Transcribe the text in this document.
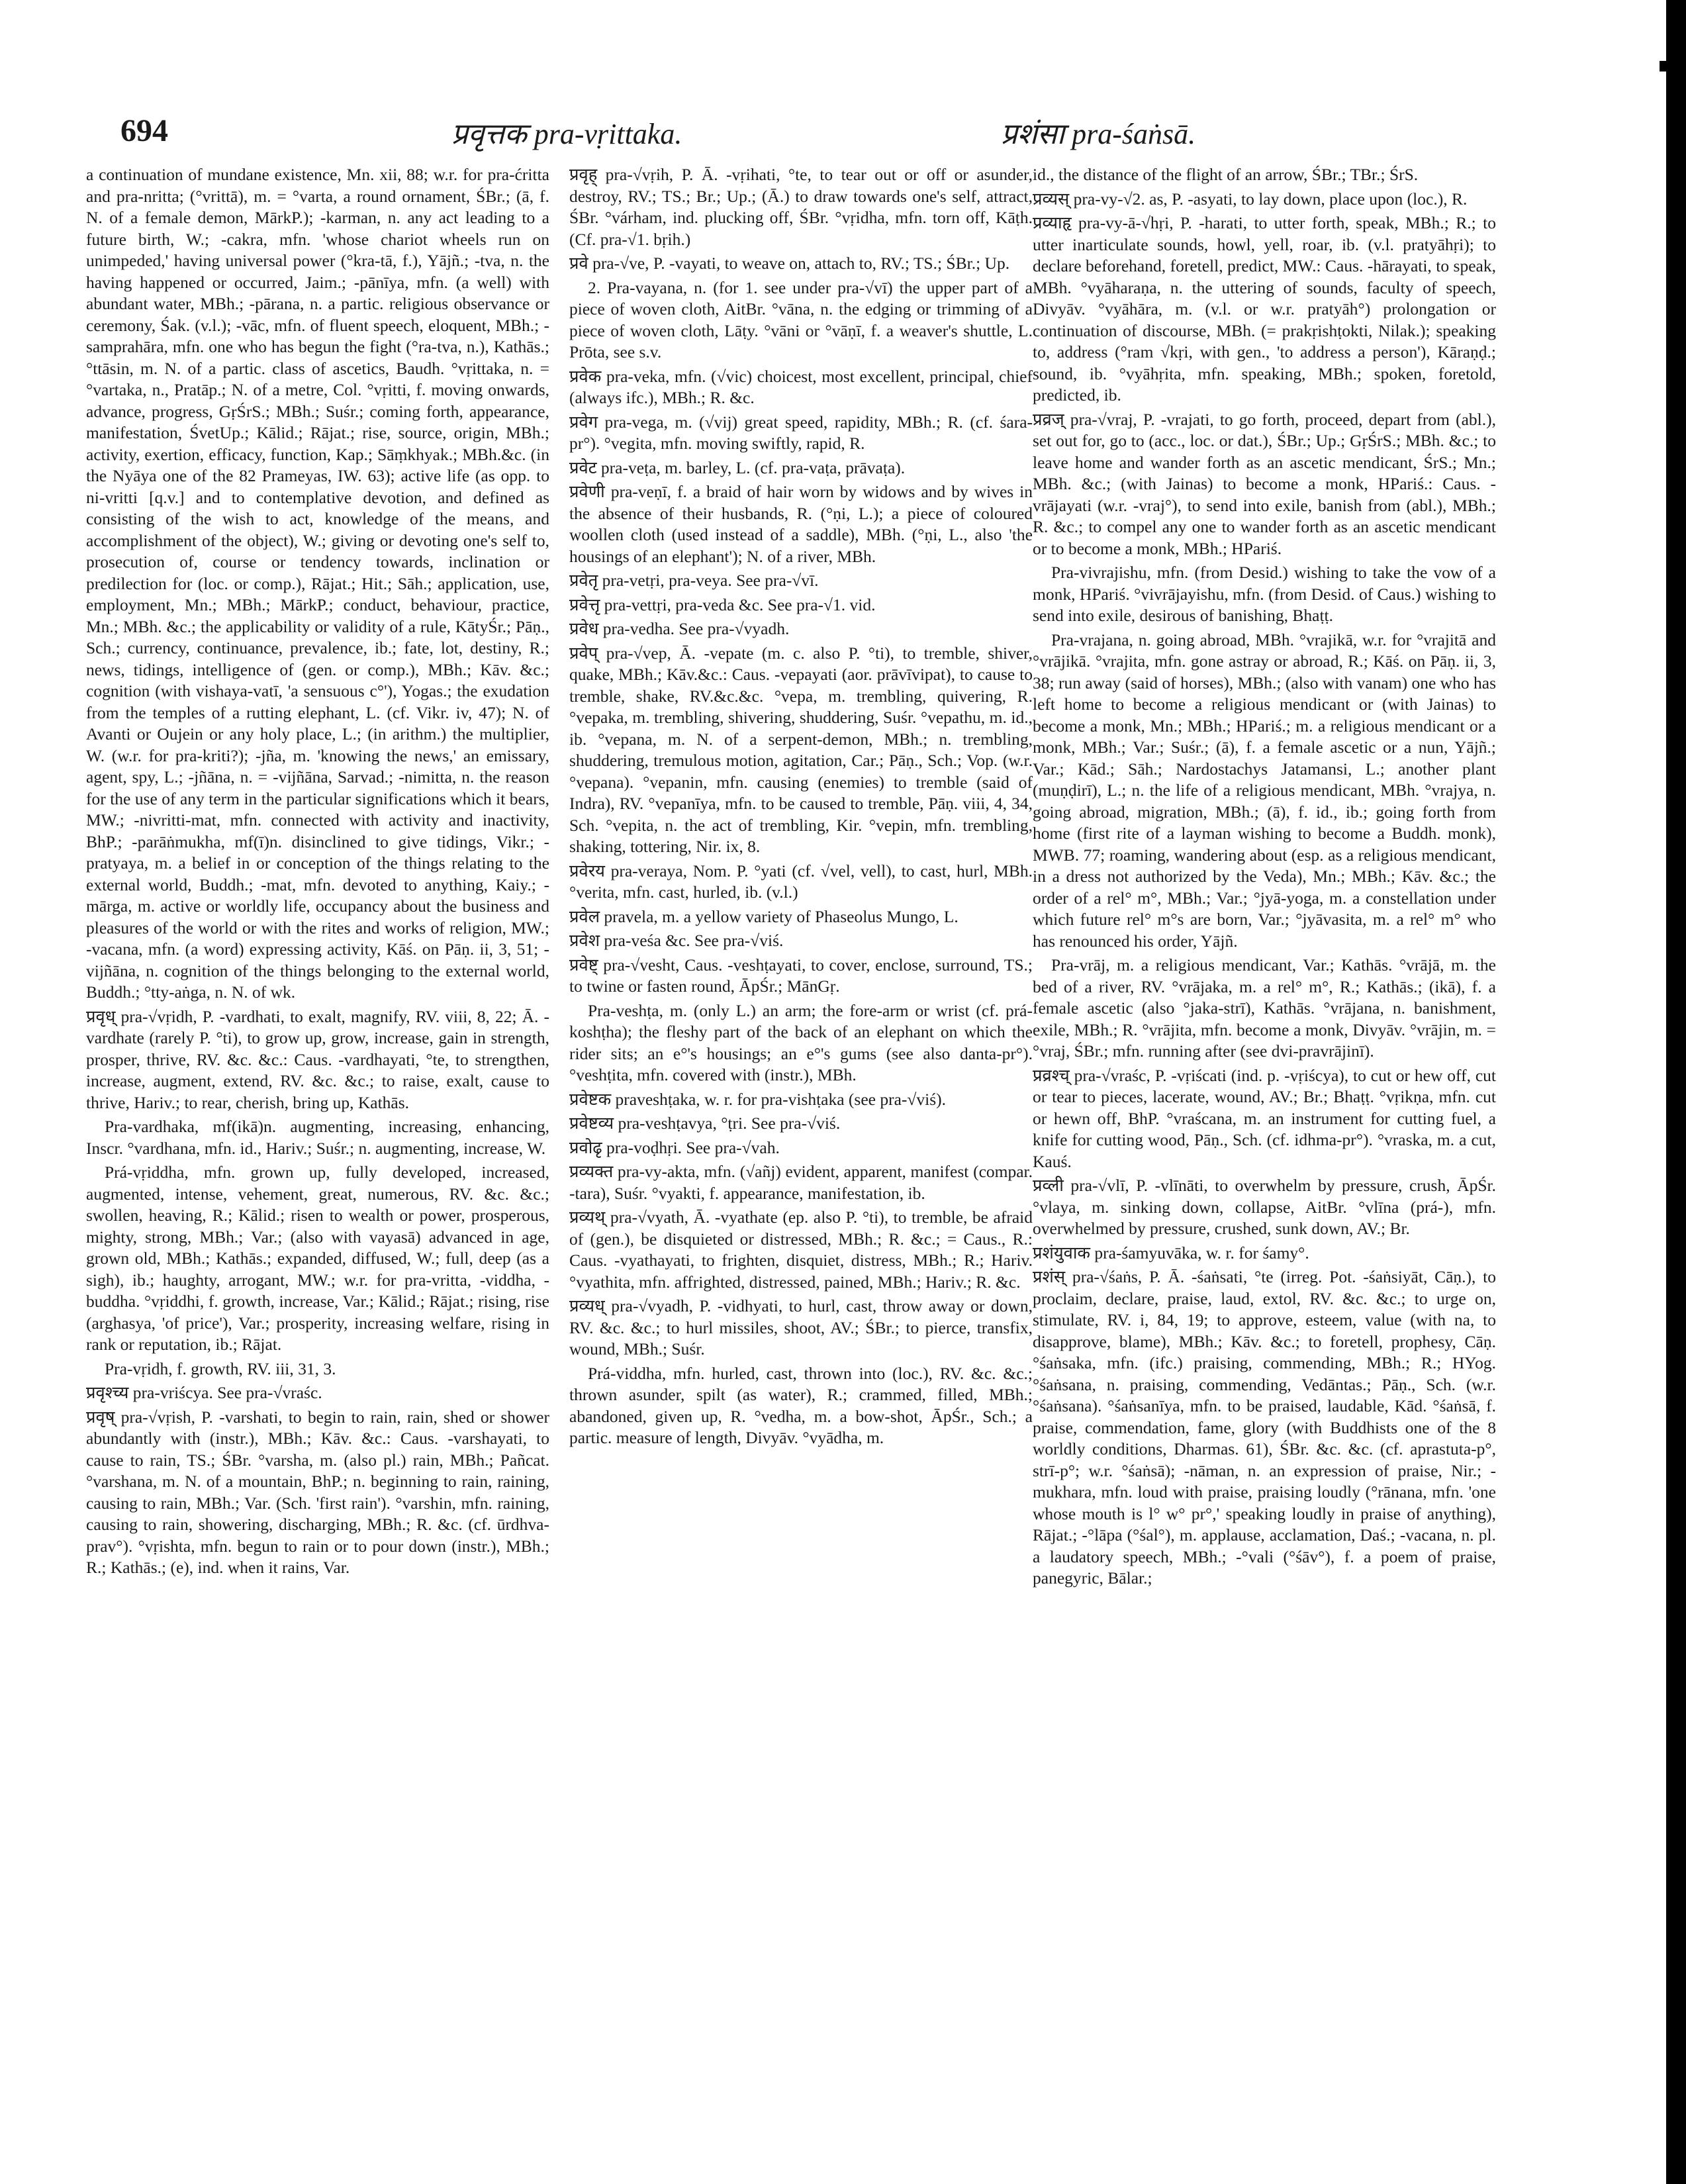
694	प्रवृत्तक pra-vṛittaka.	प्रशंसा pra-śaṅsā.

a continuation of mundane existence, Mn. xii, 88; w.r. for pra-ćritta and pra-nritta; (°vrittā), m. = °varta, a round ornament, ŚBr.; (ā, f. N. of a female demon, MārkP.); -karman, n. any act leading to a future birth, W.; -cakra, mfn. 'whose chariot wheels run on unimpeded,' having universal power (°kra-tā, f.), Yājñ.; -tva, n. the having happened or occurred, Jaim.; -pānīya, mfn. (a well) with abundant water, MBh.; -pārana, n. a partic. religious observance or ceremony, Śak. (v.l.); -vāc, mfn. of fluent speech, eloquent, MBh.; -samprahāra, mfn. one who has begun the fight (°ra-tva, n.), Kathās.; °ttāsin, m. N. of a partic. class of ascetics, Baudh. °vṛittaka, n. = °vartaka, n., Pratāp.; N. of a metre, Col. °vṛitti, f. moving onwards, advance, progress, GṛŚrS.; MBh.; Suśr.; coming forth, appearance, manifestation, ŚvetUp.; Kālid.; Rājat.; rise, source, origin, MBh.; activity, exertion, efficacy, function, Kap.; Sāṃkhyak.; MBh.&c. (in the Nyāya one of the 82 Prameyas, IW. 63); active life (as opp. to ni-vritti [q.v.] and to contemplative devotion, and defined as consisting of the wish to act, knowledge of the means, and accomplishment of the object), W.; giving or devoting one's self to, prosecution of, course or tendency towards, inclination or predilection for (loc. or comp.), Rājat.; Hit.; Sāh.; application, use, employment, Mn.; MBh.; MārkP.; conduct, behaviour, practice, Mn.; MBh. &c.; the applicability or validity of a rule, KātyŚr.; Pāṇ., Sch.; currency, continuance, prevalence, ib.; fate, lot, destiny, R.; news, tidings, intelligence of (gen. or comp.), MBh.; Kāv. &c.; cognition (with vishaya-vatī, 'a sensuous c°'), Yogas.; the exudation from the temples of a rutting elephant, L. (cf. Vikr. iv, 47); N. of Avanti or Oujein or any holy place, L.; (in arithm.) the multiplier, W. (w.r. for pra-kriti?); -jña, m. 'knowing the news,' an emissary, agent, spy, L.; -jñāna, n. = -vijñāna, Sarvad.; -nimitta, n. the reason for the use of any term in the particular significations which it bears, MW.; -nivritti-mat, mfn. connected with activity and inactivity, BhP.; -parāṅmukha, mf(ī)n. disinclined to give tidings, Vikr.; -pratyaya, m. a belief in or conception of the things relating to the external world, Buddh.; -mat, mfn. devoted to anything, Kaiy.; -mārga, m. active or worldly life, occupancy about the business and pleasures of the world or with the rites and works of religion, MW.; -vacana, mfn. (a word) expressing activity, Kāś. on Pāṇ. ii, 3, 51; -vijñāna, n. cognition of the things belonging to the external world, Buddh.; °tty-aṅga, n. N. of wk.

प्रवृध् pra-√vṛidh, P. -vardhati, to exalt, magnify, RV. viii, 8, 22; Ā. -vardhate (rarely P. °ti), to grow up, grow, increase, gain in strength, prosper, thrive, RV. &c. &c.: Caus. -vardhayati, °te, to strengthen, increase, augment, extend, RV. &c. &c.; to raise, exalt, cause to thrive, Hariv.; to rear, cherish, bring up, Kathās.

Pra-vardhaka, mf(ikā)n. augmenting, increasing, enhancing, Inscr. °vardhana, mfn. id., Hariv.; Suśr.; n. augmenting, increase, W.

Prá-vṛiddha, mfn. grown up, fully developed, increased, augmented, intense, vehement, great, numerous, RV. &c. &c.; swollen, heaving, R.; Kālid.; risen to wealth or power, prosperous, mighty, strong, MBh.; Var.; (also with vayasā) advanced in age, grown old, MBh.; Kathās.; expanded, diffused, W.; full, deep (as a sigh), ib.; haughty, arrogant, MW.; w.r. for pra-vritta, -viddha, -buddha. °vṛiddhi, f. growth, increase, Var.; Kālid.; Rājat.; rising, rise (arghasya, 'of price'), Var.; prosperity, increasing welfare, rising in rank or reputation, ib.; Rājat.

Pra-vṛidh, f. growth, RV. iii, 31, 3.

प्रवृश्च्य pra-vriścya. See pra-√vraśc.

प्रवृष् pra-√vṛish, P. -varshati, to begin to rain, rain, shed or shower abundantly with (instr.), MBh.; Kāv. &c.: Caus. -varshayati, to cause to rain, TS.; ŚBr. °varsha, m. (also pl.) rain, MBh.; Pañcat. °varshana, m. N. of a mountain, BhP.; n. beginning to rain, raining, causing to rain, MBh.; Var. (Sch. 'first rain'). °varshin, mfn. raining, causing to rain, showering, discharging, MBh.; R. &c. (cf. ūrdhva-prav°). °vṛishta, mfn. begun to rain or to pour down (instr.), MBh.; R.; Kathās.; (e), ind. when it rains, Var.

प्रवृह् pra-√vṛih, P. Ā. -vṛihati, °te, to tear out or off or asunder, destroy, RV.; TS.; Br.; Up.; (Ā.) to draw towards one's self, attract, ŚBr. °várham, ind. plucking off, ŚBr. °vṛidha, mfn. torn off, Kāṭh. (Cf. pra-√1. bṛih.)

प्रवे pra-√ve, P. -vayati, to weave on, attach to, RV.; TS.; ŚBr.; Up.

2. Pra-vayana, n. (for 1. see under pra-√vī) the upper part of a piece of woven cloth, AitBr. °vāna, n. the edging or trimming of a piece of woven cloth, Lāṭy. °vāni or °vāṇī, f. a weaver's shuttle, L. Prōta, see s.v.

प्रवेक pra-veka, mfn. (√vic) choicest, most excellent, principal, chief (always ifc.), MBh.; R. &c.

प्रवेग pra-vega, m. (√vij) great speed, rapidity, MBh.; R. (cf. śara-pr°). °vegita, mfn. moving swiftly, rapid, R.

प्रवेट pra-veṭa, m. barley, L. (cf. pra-vaṭa, prāvaṭa).

प्रवेणी pra-veṇī, f. a braid of hair worn by widows and by wives in the absence of their husbands, R. (°ṇi, L.); a piece of coloured woollen cloth (used instead of a saddle), MBh. (°ṇi, L., also 'the housings of an elephant'); N. of a river, MBh.

प्रवेतृ pra-vetṛi, pra-veya. See pra-√vī.

प्रवेत्तृ pra-vettṛi, pra-veda &c. See pra-√1. vid.

प्रवेध pra-vedha. See pra-√vyadh.

प्रवेप् pra-√vep, Ā. -vepate (m. c. also P. °ti), to tremble, shiver, quake, MBh.; Kāv.&c.: Caus. -vepayati (aor. prāvīvipat), to cause to tremble, shake, RV.&c.&c. °vepa, m. trembling, quivering, R. °vepaka, m. trembling, shivering, shuddering, Suśr. °vepathu, m. id., ib. °vepana, m. N. of a serpent-demon, MBh.; n. trembling, shuddering, tremulous motion, agitation, Car.; Pāṇ., Sch.; Vop. (w.r. °vepana). °vepanin, mfn. causing (enemies) to tremble (said of Indra), RV. °vepanīya, mfn. to be caused to tremble, Pāṇ. viii, 4, 34, Sch. °vepita, n. the act of trembling, Kir. °vepin, mfn. trembling, shaking, tottering, Nir. ix, 8.

प्रवेरय pra-veraya, Nom. P. °yati (cf. √vel, vell), to cast, hurl, MBh. °verita, mfn. cast, hurled, ib. (v.l.)

प्रवेल pravela, m. a yellow variety of Phaseolus Mungo, L.

प्रवेश pra-veśa &c. See pra-√viś.

प्रवेष्ट् pra-√vesht, Caus. -veshṭayati, to cover, enclose, surround, TS.; to twine or fasten round, ĀpŚr.; MānGṛ.

Pra-veshṭa, m. (only L.) an arm; the fore-arm or wrist (cf. prá-koshṭha); the fleshy part of the back of an elephant on which the rider sits; an e°'s housings; an e°'s gums (see also danta-pr°). °veshṭita, mfn. covered with (instr.), MBh.

प्रवेष्टक praveshṭaka, w. r. for pra-vishṭaka (see pra-√viś).

प्रवेष्टव्य pra-veshṭavya, °ṭri. See pra-√viś.

प्रवोढृ pra-voḍhṛi. See pra-√vah.

प्रव्यक्त pra-vy-akta, mfn. (√añj) evident, apparent, manifest (compar. -tara), Suśr. °vyakti, f. appearance, manifestation, ib.

प्रव्यथ् pra-√vyath, Ā. -vyathate (ep. also P. °ti), to tremble, be afraid of (gen.), be disquieted or distressed, MBh.; R. &c.; = Caus., R.: Caus. -vyathayati, to frighten, disquiet, distress, MBh.; R.; Hariv. °vyathita, mfn. affrighted, distressed, pained, MBh.; Hariv.; R. &c.

प्रव्यध् pra-√vyadh, P. -vidhyati, to hurl, cast, throw away or down, RV. &c. &c.; to hurl missiles, shoot, AV.; ŚBr.; to pierce, transfix, wound, MBh.; Suśr.

Prá-viddha, mfn. hurled, cast, thrown into (loc.), RV. &c. &c.; thrown asunder, spilt (as water), R.; crammed, filled, MBh.; abandoned, given up, R. °vedha, m. a bow-shot, ĀpŚr., Sch.; a partic. measure of length, Divyāv. °vyādha, m.

id., the distance of the flight of an arrow, ŚBr.; TBr.; ŚrS.

प्रव्यस् pra-vy-√2. as, P. -asyati, to lay down, place upon (loc.), R.

प्रव्याहृ pra-vy-ā-√hṛi, P. -harati, to utter forth, speak, MBh.; R.; to utter inarticulate sounds, howl, yell, roar, ib. (v.l. pratyāhṛi); to declare beforehand, foretell, predict, MW.: Caus. -hārayati, to speak, MBh. °vyāharaṇa, n. the uttering of sounds, faculty of speech, Divyāv. °vyāhāra, m. (v.l. or w.r. pratyāh°) prolongation or continuation of discourse, MBh. (= prakṛishṭokti, Nilak.); speaking to, address (°ram √kṛi, with gen., 'to address a person'), Kāraṇḍ.; sound, ib. °vyāhṛita, mfn. speaking, MBh.; spoken, foretold, predicted, ib.

प्रव्रज् pra-√vraj, P. -vrajati, to go forth, proceed, depart from (abl.), set out for, go to (acc., loc. or dat.), ŚBr.; Up.; GṛŚrS.; MBh. &c.; to leave home and wander forth as an ascetic mendicant, ŚrS.; Mn.; MBh. &c.; (with Jainas) to become a monk, HPariś.: Caus. -vrājayati (w.r. -vraj°), to send into exile, banish from (abl.), MBh.; R. &c.; to compel any one to wander forth as an ascetic mendicant or to become a monk, MBh.; HPariś.

Pra-vivrajishu, mfn. (from Desid.) wishing to take the vow of a monk, HPariś. °vivrājayishu, mfn. (from Desid. of Caus.) wishing to send into exile, desirous of banishing, Bhaṭṭ.

Pra-vrajana, n. going abroad, MBh. °vrajikā, w.r. for °vrajitā and °vrājikā. °vrajita, mfn. gone astray or abroad, R.; Kāś. on Pāṇ. ii, 3, 38; run away (said of horses), MBh.; (also with vanam) one who has left home to become a religious mendicant or (with Jainas) to become a monk, Mn.; MBh.; HPariś.; m. a religious mendicant or a monk, MBh.; Var.; Suśr.; (ā), f. a female ascetic or a nun, Yājñ.; Var.; Kād.; Sāh.; Nardostachys Jatamansi, L.; another plant (muṇḍirī), L.; n. the life of a religious mendicant, MBh. °vrajya, n. going abroad, migration, MBh.; (ā), f. id., ib.; going forth from home (first rite of a layman wishing to become a Buddh. monk), MWB. 77; roaming, wandering about (esp. as a religious mendicant, in a dress not authorized by the Veda), Mn.; MBh.; Kāv. &c.; the order of a rel° m°, MBh.; Var.; °jyā-yoga, m. a constellation under which future rel° m°s are born, Var.; °jyāvasita, m. a rel° m° who has renounced his order, Yājñ.

Pra-vrāj, m. a religious mendicant, Var.; Kathās. °vrājā, m. the bed of a river, RV. °vrājaka, m. a rel° m°, R.; Kathās.; (ikā), f. a female ascetic (also °jaka-strī), Kathās. °vrājana, n. banishment, exile, MBh.; R. °vrājita, mfn. become a monk, Divyāv. °vrājin, m. = °vraj, ŚBr.; mfn. running after (see dvi-pravrājinī).

प्रव्रश्च् pra-√vraśc, P. -vṛiścati (ind. p. -vṛiścya), to cut or hew off, cut or tear to pieces, lacerate, wound, AV.; Br.; Bhaṭṭ. °vṛikṇa, mfn. cut or hewn off, BhP. °vraścana, m. an instrument for cutting fuel, a knife for cutting wood, Pāṇ., Sch. (cf. idhma-pr°). °vraska, m. a cut, Kauś.

प्रव्ली pra-√vlī, P. -vlīnāti, to overwhelm by pressure, crush, ĀpŚr. °vlaya, m. sinking down, collapse, AitBr. °vlīna (prá-), mfn. overwhelmed by pressure, crushed, sunk down, AV.; Br.

प्रशंयुवाक pra-śamyuvāka, w. r. for śamy°.

प्रशंस् pra-√śaṅs, P. Ā. -śaṅsati, °te (irreg. Pot. -śaṅsiyāt, Cāṇ.), to proclaim, declare, praise, laud, extol, RV. &c. &c.; to urge on, stimulate, RV. i, 84, 19; to approve, esteem, value (with na, to disapprove, blame), MBh.; Kāv. &c.; to foretell, prophesy, Cāṇ. °śaṅsaka, mfn. (ifc.) praising, commending, MBh.; R.; HYog. °śaṅsana, n. praising, commending, Vedāntas.; Pāṇ., Sch. (w.r. °śaṅsana). °śaṅsanīya, mfn. to be praised, laudable, Kād. °śaṅsā, f. praise, commendation, fame, glory (with Buddhists one of the 8 worldly conditions, Dharmas. 61), ŚBr. &c. &c. (cf. aprastuta-p°, strī-p°; w.r. °śaṅsā); -nāman, n. an expression of praise, Nir.; -mukhara, mfn. loud with praise, praising loudly (°rānana, mfn. 'one whose mouth is l° w° pr°,' speaking loudly in praise of anything), Rājat.; -°lāpa (°śal°), m. applause, acclamation, Daś.; -vacana, n. pl. a laudatory speech, MBh.; -°vali (°śāv°), f. a poem of praise, panegyric, Bālar.;
